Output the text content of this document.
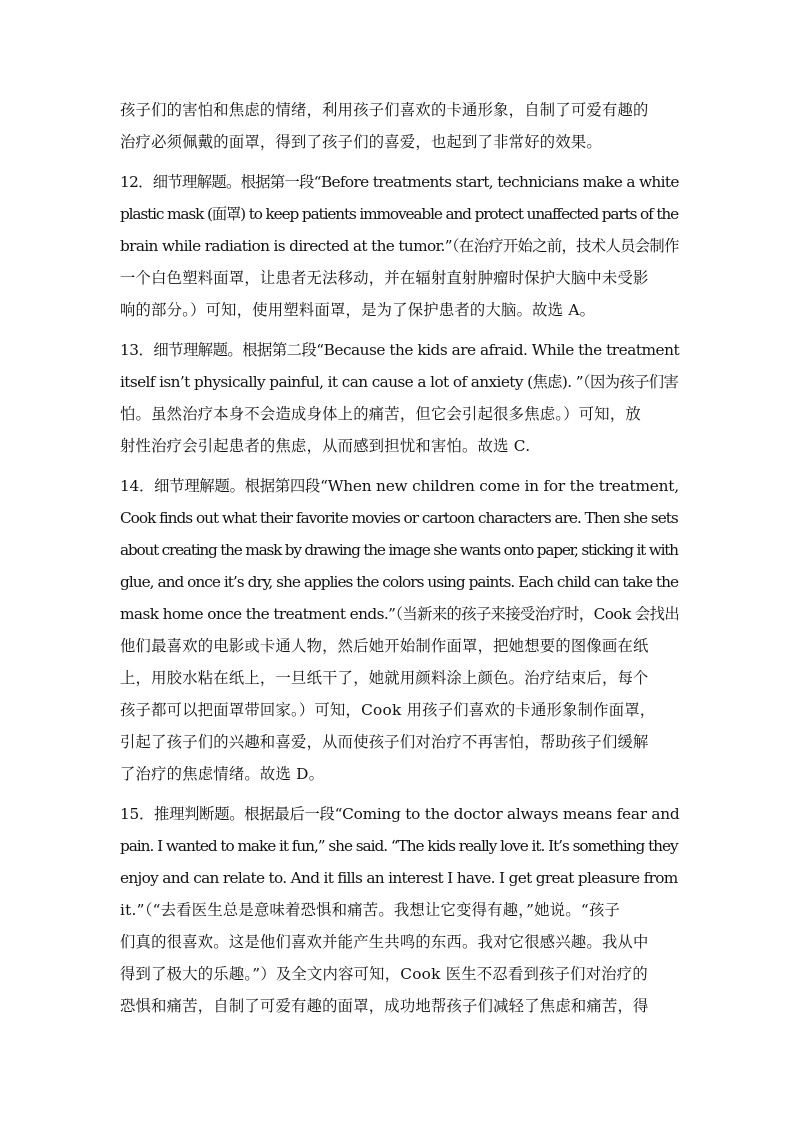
孩子们的害怕和焦虑的情绪，利用孩子们喜欢的卡通形象，自制了可爱有趣的
治疗必须佩戴的面罩，得到了孩子们的喜爱，也起到了非常好的效果。
12．细节理解题。根据第一段“Before treatments start, technicians make a white
plastic mask (面罩) to keep patients immoveable and protect unaffected parts of the
brain while radiation is directed at the tumor.”（在治疗开始之前，技术人员会制作
一个白色塑料面罩，让患者无法移动，并在辐射直射肿瘤时保护大脑中未受影
响的部分。）可知，使用塑料面罩，是为了保护患者的大脑。故选 A。
13．细节理解题。根据第二段“Because the kids are afraid. While the treatment
itself isn’t physically painful, it can cause a lot of anxiety (焦虑). ”（因为孩子们害
怕。虽然治疗本身不会造成身体上的痛苦，但它会引起很多焦虑。）可知，放
射性治疗会引起患者的焦虑，从而感到担忧和害怕。故选 C.
14．细节理解题。根据第四段“When new children come in for the treatment,
Cook finds out what their favorite movies or cartoon characters are. Then she sets
about creating the mask by drawing the image she wants onto paper, sticking it with
glue, and once it’s dry, she applies the colors using paints. Each child can take the
mask home once the treatment ends.”（当新来的孩子来接受治疗时，Cook 会找出
他们最喜欢的电影或卡通人物，然后她开始制作面罩，把她想要的图像画在纸
上，用胶水粘在纸上，一旦纸干了，她就用颜料涂上颜色。治疗结束后，每个
孩子都可以把面罩带回家。）可知，Cook 用孩子们喜欢的卡通形象制作面罩，
引起了孩子们的兴趣和喜爱，从而使孩子们对治疗不再害怕，帮助孩子们缓解
了治疗的焦虑情绪。故选 D。
15．推理判断题。根据最后一段“Coming to the doctor always means fear and
pain. I wanted to make it fun,” she said. “The kids really love it. It’s something they
enjoy and can relate to. And it fills an interest I have. I get great pleasure from
it.”（“去看医生总是意味着恐惧和痛苦。我想让它变得有趣，”她说。“孩子
们真的很喜欢。这是他们喜欢并能产生共鸣的东西。我对它很感兴趣。我从中
得到了极大的乐趣。”）及全文内容可知，Cook 医生不忍看到孩子们对治疗的
恐惧和痛苦，自制了可爱有趣的面罩，成功地帮孩子们减轻了焦虑和痛苦，得
